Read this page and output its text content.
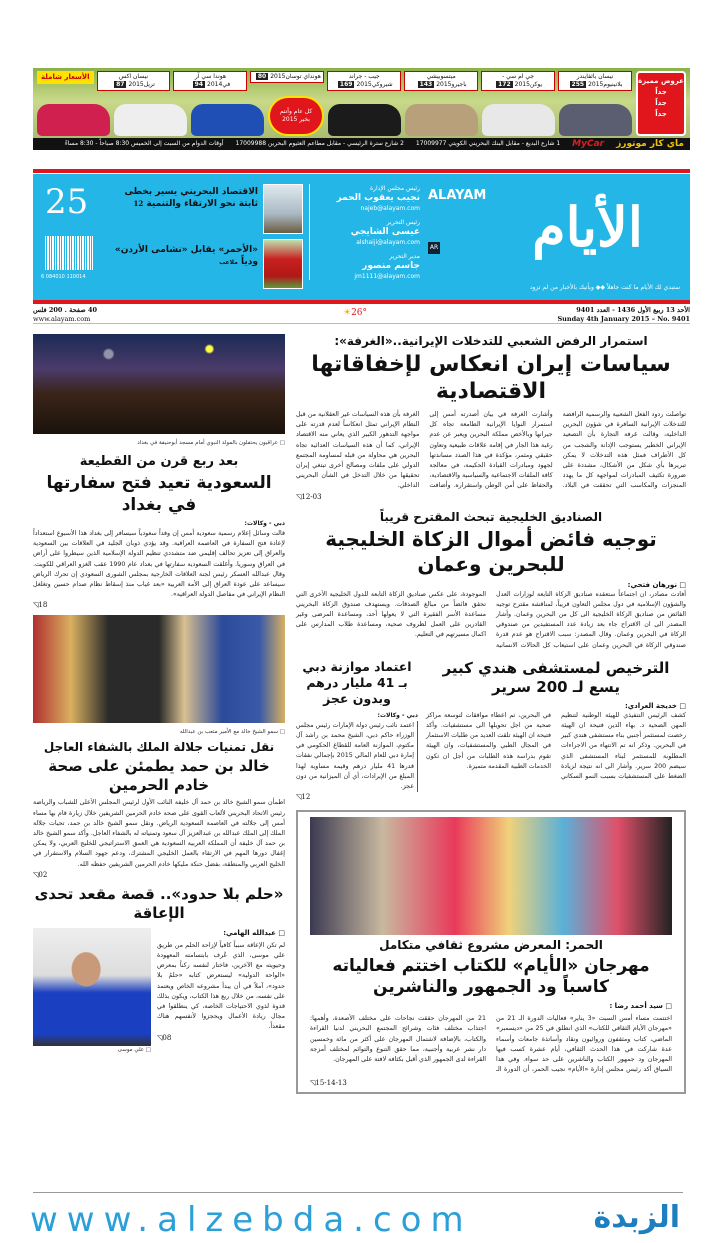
نيسان باثفايندر بلاتينيوم255 2015
جي ام سي - يوكن172 2015
ميتسوبيشي باجيرو143 2015
جيب - جراند شيروكي169 2015
هونداي توسان80 2015
هوندا سي آر في94 2014
نيسان اكس تريل87 2015
الأسعار شاملة
كل عام وأنتم بخير 2015
عروض مميزة
جداً
جداً
جداً
ماي كار موتورز
MyCar
1 شارع البديع - مقابل البنك البحريني الكويتي 17009977
2 شارع سترة الرئيسي - مقابل مطاعم العثيوم البحرين 17009988
أوقات الدوام من السبت إلى الخميس 8:30 صباحاً - 8:30 مساءً
الأيام
ALAYAM
AR
ستبدي لك الأيام ما كنت جاهلاً ◆◆ ويأتيك بالأخبار من لم تزود
رئيس مجلس الإدارة
نجيب يعقوب الحمر
najeb@alayam.com
رئيس التحرير
عيسى الشايجي
alshaiji@alayam.com
مدير التحرير
جاسم منصور
jm1111@alayam.com
الاقتصاد البحريني يسير بخطى ثابتة نحو الارتقاء والتنمية 12
«الأحمر» يقابل «نشامى الأردن» ودياً ملاعب
25
6 084010 110014
الأحد 13 ربيع الأول 1436 - العدد 9401
Sunday 4th January 2015 – No. 9401
☀26°
40 صفحة . 200 فلس
www.alayam.com
استمرار الرفض الشعبي للتدخلات الإيرانية..«الغرفة»:
سياسات إيران انعكاس لإخفاقاتها الاقتصادية
تواصلت ردود الفعل الشعبية والرسمية الرافضة للتدخلات الإيرانية السافرة في شؤون البحرين الداخلية، وقالت غرفة التجارة بأن التصعيد الإيراني الخطير يستوجب الإدانة والشجب من كل الأطراف فمثل هذه التدخلات لا يمكن تبريرها بأي شكل من الأشكال، مشددة على ضرورة تكثيف المبادرات لمواجهة كل ما يهدد المنجزات والمكاسب التي تحققت في البلاد. وأشارت الغرفة في بيان أصدرته أمس إلى استمرار النوايا الإيرانية الطامعة تجاه كل جيرانها وبالأخص مملكة البحرين ويعبر عن عدم رغبة هذا الجار في إقامة علاقات طبيعية وتعاون حقيقي ومثمر، مؤكدة في هذا الصدد مساندتها لجهود ومبادرات القيادة الحكيمة، في معالجة كافة الملفات الاجتماعية والسياسية والاقتصادية، والحفاظ على أمن الوطن واستقراره. وأضافت الغرفة بأن هذه السياسات غير العقلانية من قبل النظام الإيراني تمثل انعكاساً لعدم قدرته على مواجهة التدهور الكبير الذي يعاني منه الاقتصاد الإيراني، كما أن هذه السياسات العدائية تجاه البحرين هي محاولة من قبله لمساومة المجتمع الدولي على ملفات ومصالح أخرى تبتغي إيران تحقيقها من خلال التدخل في الشأن البحريني الداخلي.
◹12-03
الصناديق الخليجية تبحث المقترح قريباً
توجيه فائض أموال الزكاة الخليجية للبحرين وعمان
□ نورهان فتحي:
أفادت مصادر، ان اجتماعاً ستعقده صناديق الزكاة التابعة لوزارات العدل والشؤون الإسلامية في دول مجلس التعاون قريباً، لمناقشة مقترح توجيه الفائض من صناديق الزكاة الخليجية الى كل من البحرين وعمان. وأشار المصدر الى ان الاقتراح جاء بعد زيادة عدد المستفيدين من صندوقي الزكاة في البحرين وعمان. وقال المصدر: سبب الاقتراح هو عدم قدرة صندوقي الزكاة في البحرين وعمان على استيعاب كل الحالات الانسانية الموجودة، على عكس صناديق الزكاة التابعة للدول الخليجية الأخرى التي تحقق فائضاً من مبالغ الصدقات. ويستهدف صندوق الزكاة البحريني مساعدة الأسر الفقيرة التي لا يعولها أحد، ومساعدة المرضى وغير القادرين على العمل لظروف صحية، ومساعدة طلاب المدارس على اكمال مسيرتهم في التعليم.
الترخيص لمستشفى هندي كبير يسع لـ 200 سرير
□ خديجة العرادي:
كشف الرئيس التنفيذي للهيئة الوطنية لتنظيم المهن الصحية د. بهاء الدين فتيحة ان الهيئة رخصت لمستثمر أجنبي بناء مستشفى هندي كبير في البحرين. وذكر انه تم الانتهاء من الاجراءات المطلوبة للمستثمر لبناء المستشفى الذي سيضم 200 سرير. وأشار الى انه نتيجة لزيادة الضغط على المستشفيات بسبب النمو السكاني في البحرين، تم اعطاء موافقات لتوسعة مراكز صحية من اجل تحويلها الى مستشفيات. وأكد فتيحة ان الهيئة تلقت العديد من طلبات الاستثمار في المجال الطبي والمستشفيات، وان الهيئة تقوم بدراسة هذه الطلبات من أجل ان تكون الخدمات الطبية المقدمة متميزة.
اعتماد موازنة دبي بـ 41 مليار درهم وبدون عجز
دبي - وكالات:
اعتمد نائب رئيس دولة الإمارات رئيس مجلس الوزراء حاكم دبي، الشيخ محمد بن راشد آل مكتوم، الموازنة العامة للقطاع الحكومي في إمارة دبي للعام المالي 2015 بإجمالي نفقات قدرها 41 مليار درهم وقيمة مساوية لهذا المبلغ من الإيرادات، أي أن الميزانية من دون عجز.
◹12
الحمر: المعرض مشروع ثقافي متكامل
مهرجان «الأيام» للكتاب اختتم فعالياته كاسباً ود الجمهور والناشرين
□ سيد أحمد رضا :
اختتمت مساء أمس السبت «3 يناير» فعاليات الدورة الـ 21 من «مهرجان الأيام الثقافي للكتاب» الذي انطلق في 25 من «ديسمبر» الماضي، كتاب ومثقفون وروائيون ونقاد وأساتذة جامعات وأسماء عدة شاركت في هذا الحدث الثقافي، أيام عشرة كسب فيها المهرجان ود جمهور الكتاب والناشرين على حد سواء. وفي هذا السياق أكد رئيس مجلس إدارة «الأيام» نجيب الحمر، أن الدورة الـ 21 من المهرجان حققت نجاحات على مختلف الأصعدة، وأهمها: اجتذاب مختلف فئات وشرائح المجتمع البحريني لدنيا القراءة والكتاب، بالإضافة لاشتمال المهرجان على أكثر من مائة وخمسين دار نشر عربية وأجنبية، مما حقق التنوع والتوائم لمختلف أمزجة القراءة لدى الجمهور الذي أقبل بكثافة لافتة على المهرجان.
◹15-14-13
□ عراقيون يحتفلون بالمولد النبوي أمام مسجد أبوحنيفة في بغداد
بعد ربع قرن من القطيعة
السعودية تعيد فتح سفارتها في بغداد
دبي - وكالات:
قالت وسائل إعلام رسمية سعودية أمس إن وفداً سعودياً سيسافر إلى بغداد هذا الأسبوع استعداداً لإعادة فتح السفارة في العاصمة العراقية. وقد يؤدي ذوبان الجليد في العلاقات بين السعودية والعراق إلى تعزيز تحالف إقليمي ضد متشددي تنظيم الدولة الإسلامية الذين سيطروا على أراض في العراق وسوريا. وأغلقت السعودية سفارتها في بغداد عام 1990 عقب الغزو العراقي للكويت. وقال عبدالله العسكر رئيس لجنة العلاقات الخارجية بمجلس الشورى السعودي إن تحرك الرياض سيساعد على عودة العراق إلى الأمة العربية «بعد غياب منذ إسقاط نظام صدام حسين وتغلغل النظام الإيراني في مفاصل الدولة العراقية».
◹18
□ سمو الشيخ خالد مع الأمير متعب بن عبدالله
نقل تمنيات جلالة الملك بالشفاء العاجل
خالد بن حمد يطمئن على صحة خادم الحرمين
اطمأن سمو الشيخ خالد بن حمد آل خليفة النائب الأول لرئيس المجلس الأعلى للشباب والرياضة رئيس الاتحاد البحريني لألعاب القوى على صحة خادم الحرمين الشريفين خلال زيارة قام بها مساء أمس إلى جلالته في العاصمة السعودية الرياض. ونقل سمو الشيخ خالد بن حمد، تحيات جلالة الملك إلى الملك عبدالله بن عبدالعزيز آل سعود وتمنياته له بالشفاء العاجل. وأكد سمو الشيخ خالد بن حمد آل خليفة أن المملكة العربية السعودية هي العمق الاستراتيجي للخليج العربي، ولا يمكن إغفال دورها المهم في الارتقاء بالعمل الخليجي المشترك، ودعم جهود السلام والاستقرار في الخليج العربي والمنطقة، بفضل حنكة مليكها خادم الحرمين الشريفين حفظه الله.
◹02
«حلم بلا حدود».. قصة مقعد تحدى الإعاقة
□ عبدالله الهامي:
لم تكن الإعاقة سبباً كافياً لإزاحة الحلم من طريق علي موسى، الذي عُرف بابتسامته المعهودة وحيويته مع الآخرين، فاختار لنفسه ركناً بمعرض «الواحة الدولية» ليستعرض كتابه «حلمٌ بلا حدود»، آملاً في أن يبدأ مشروعه الخاص ويعتمد على نفسه، من خلال ريع هذا الكتاب، ويكون بذلك قدوة لذوي الاحتياجات الخاصة، كي ينطلقوا في مجال ريادة الأعمال ويحجزوا لأنفسهم هناك مقعداً.
◹08
□ علي موسى
www.alzebda.com	الزبدة
